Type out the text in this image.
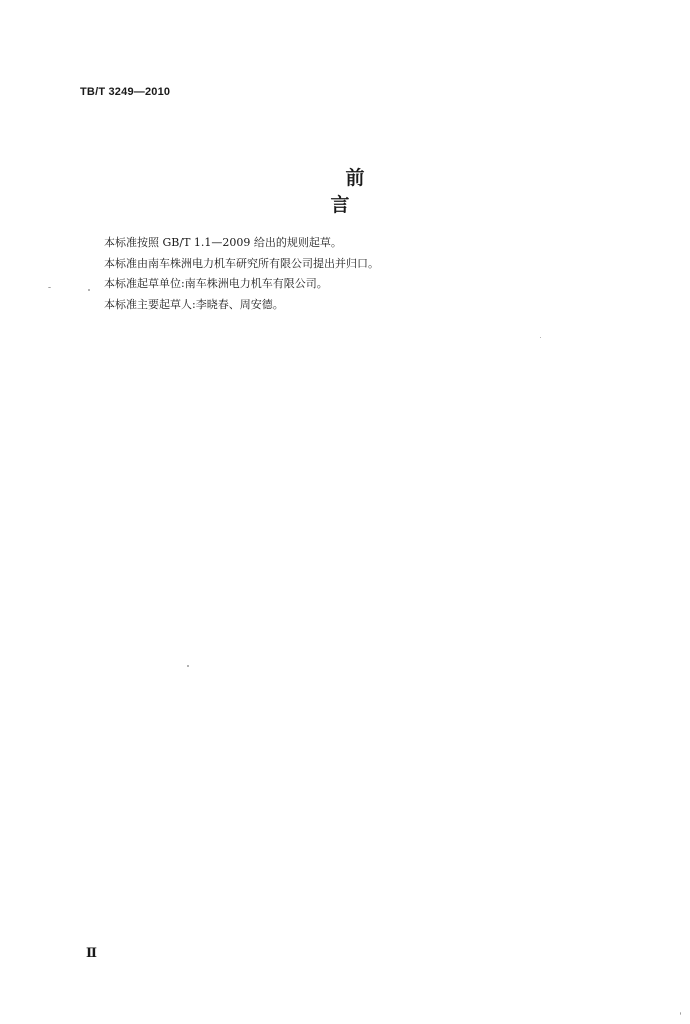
TB/T 3249—2010
前 言

本标准按照 GB/T 1.1—2009 给出的规则起草。

本标准由南车株洲电力机车研究所有限公司提出并归口。

本标准起草单位:南车株洲电力机车有限公司。

本标准主要起草人:李晓春、周安德。

Ⅱ
